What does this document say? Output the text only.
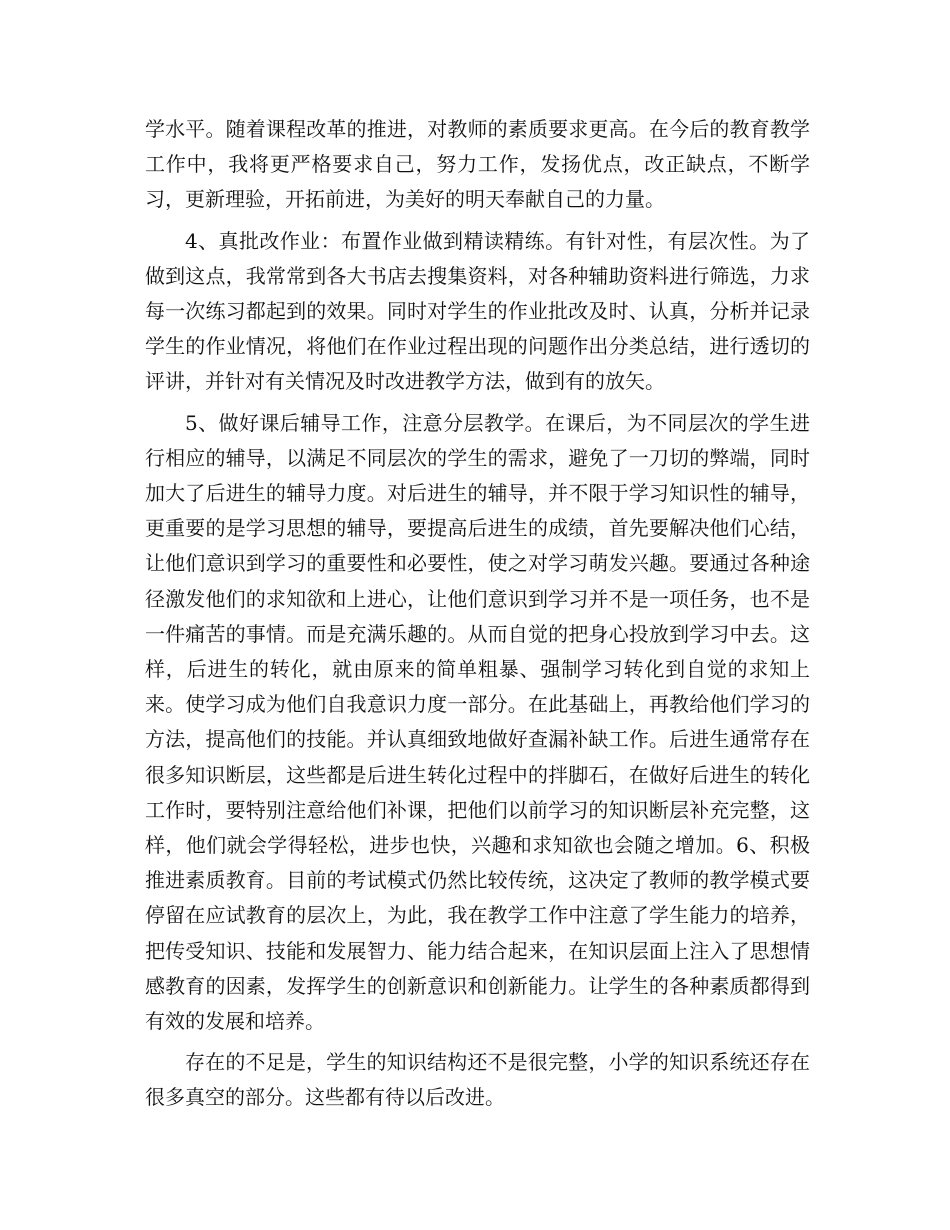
学水平。随着课程改革的推进，对教师的素质要求更高。在今后的教育教学工作中，我将更严格要求自己，努力工作，发扬优点，改正缺点，不断学习，更新理验，开拓前进，为美好的明天奉献自己的力量。

4、真批改作业：布置作业做到精读精练。有针对性，有层次性。为了做到这点，我常常到各大书店去搜集资料，对各种辅助资料进行筛选，力求每一次练习都起到的效果。同时对学生的作业批改及时、认真，分析并记录学生的作业情况，将他们在作业过程出现的问题作出分类总结，进行透切的评讲，并针对有关情况及时改进教学方法，做到有的放矢。

5、做好课后辅导工作，注意分层教学。在课后，为不同层次的学生进行相应的辅导，以满足不同层次的学生的需求，避免了一刀切的弊端，同时加大了后进生的辅导力度。对后进生的辅导，并不限于学习知识性的辅导，更重要的是学习思想的辅导，要提高后进生的成绩，首先要解决他们心结，让他们意识到学习的重要性和必要性，使之对学习萌发兴趣。要通过各种途径激发他们的求知欲和上进心，让他们意识到学习并不是一项任务，也不是一件痛苦的事情。而是充满乐趣的。从而自觉的把身心投放到学习中去。这样，后进生的转化，就由原来的简单粗暴、强制学习转化到自觉的求知上来。使学习成为他们自我意识力度一部分。在此基础上，再教给他们学习的方法，提高他们的技能。并认真细致地做好查漏补缺工作。后进生通常存在很多知识断层，这些都是后进生转化过程中的拌脚石，在做好后进生的转化工作时，要特别注意给他们补课，把他们以前学习的知识断层补充完整，这样，他们就会学得轻松，进步也快，兴趣和求知欲也会随之增加。6、积极推进素质教育。目前的考试模式仍然比较传统，这决定了教师的教学模式要停留在应试教育的层次上，为此，我在教学工作中注意了学生能力的培养，把传受知识、技能和发展智力、能力结合起来，在知识层面上注入了思想情感教育的因素，发挥学生的创新意识和创新能力。让学生的各种素质都得到有效的发展和培养。

存在的不足是，学生的知识结构还不是很完整，小学的知识系统还存在很多真空的部分。这些都有待以后改进。
